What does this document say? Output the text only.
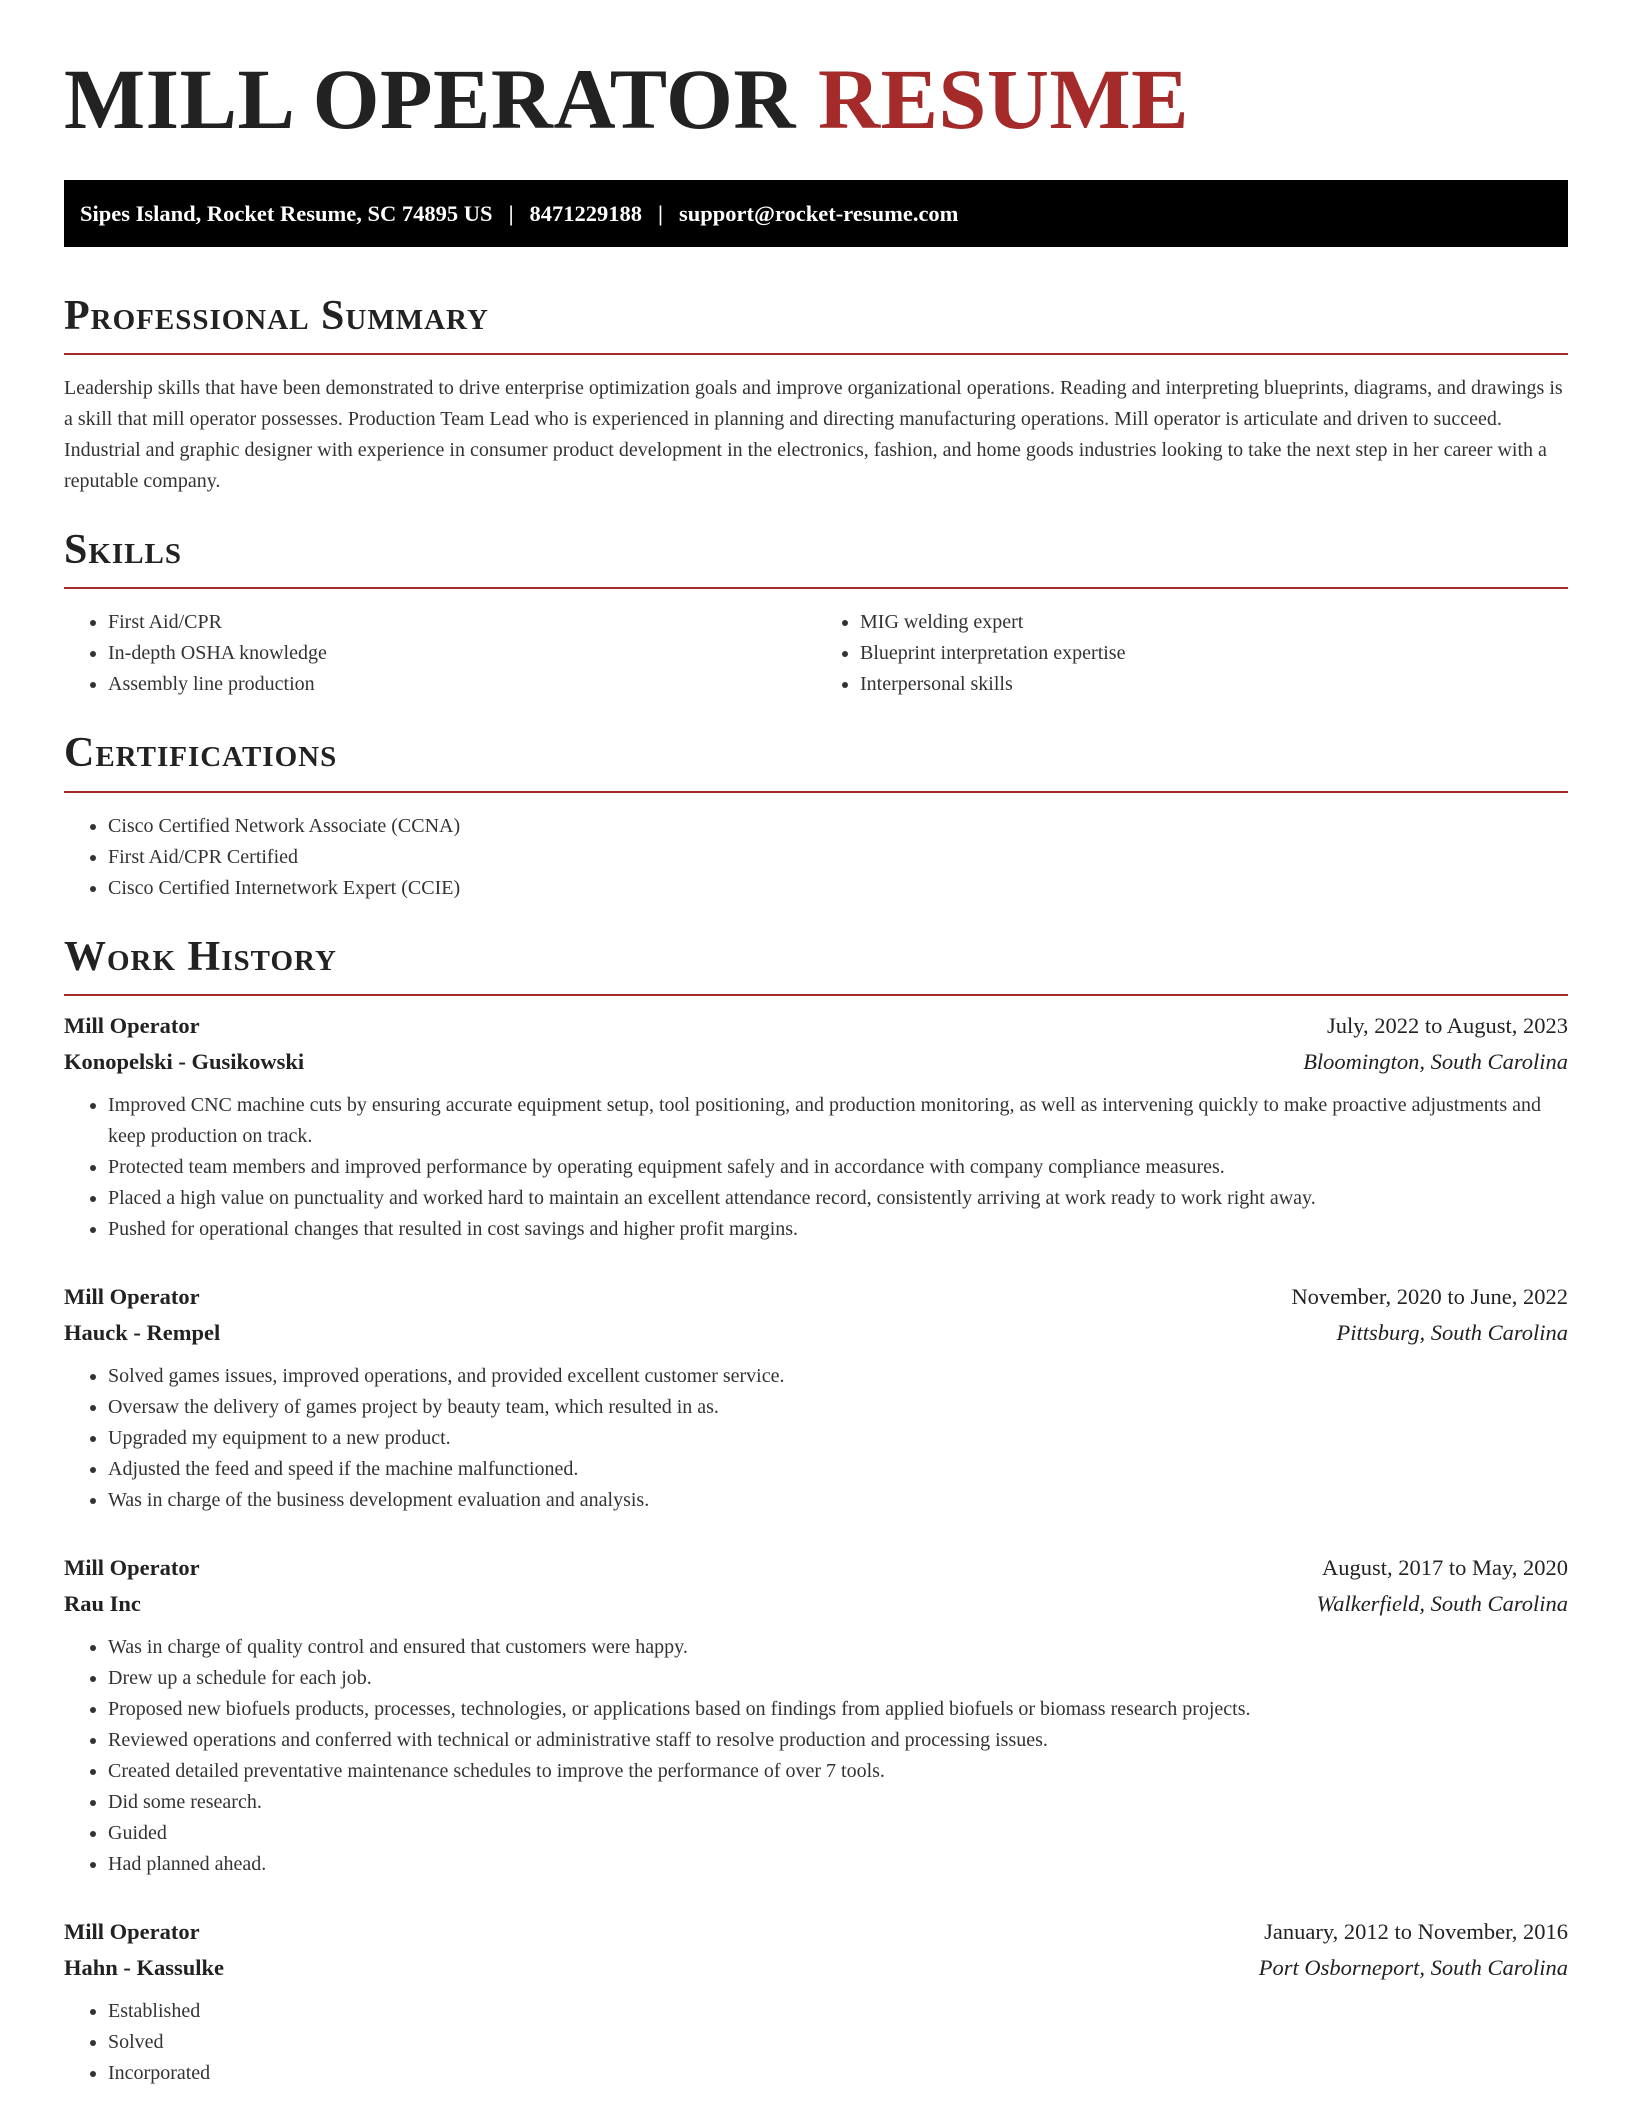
MILL OPERATOR RESUME
Sipes Island, Rocket Resume, SC 74895 US | 8471229188 | support@rocket-resume.com
Professional Summary

Leadership skills that have been demonstrated to drive enterprise optimization goals and improve organizational operations. Reading and interpreting blueprints, diagrams, and drawings is a skill that mill operator possesses. Production Team Lead who is experienced in planning and directing manufacturing operations. Mill operator is articulate and driven to succeed. Industrial and graphic designer with experience in consumer product development in the electronics, fashion, and home goods industries looking to take the next step in her career with a reputable company.

Skills
• First Aid/CPR
• In-depth OSHA knowledge
• Assembly line production
• MIG welding expert
• Blueprint interpretation expertise
• Interpersonal skills
Certifications
• Cisco Certified Network Associate (CCNA)
• First Aid/CPR Certified
• Cisco Certified Internetwork Expert (CCIE)
Work History
Mill Operator	July, 2022 to August, 2023
Konopelski - Gusikowski	Bloomington, South Carolina
• Improved CNC machine cuts by ensuring accurate equipment setup, tool positioning, and production monitoring, as well as intervening quickly to make proactive adjustments and keep production on track.
• Protected team members and improved performance by operating equipment safely and in accordance with company compliance measures.
• Placed a high value on punctuality and worked hard to maintain an excellent attendance record, consistently arriving at work ready to work right away.
• Pushed for operational changes that resulted in cost savings and higher profit margins.
Mill Operator	November, 2020 to June, 2022
Hauck - Rempel	Pittsburg, South Carolina
• Solved games issues, improved operations, and provided excellent customer service.
• Oversaw the delivery of games project by beauty team, which resulted in as.
• Upgraded my equipment to a new product.
• Adjusted the feed and speed if the machine malfunctioned.
• Was in charge of the business development evaluation and analysis.
Mill Operator	August, 2017 to May, 2020
Rau Inc	Walkerfield, South Carolina
• Was in charge of quality control and ensured that customers were happy.
• Drew up a schedule for each job.
• Proposed new biofuels products, processes, technologies, or applications based on findings from applied biofuels or biomass research projects.
• Reviewed operations and conferred with technical or administrative staff to resolve production and processing issues.
• Created detailed preventative maintenance schedules to improve the performance of over 7 tools.
• Did some research.
• Guided
• Had planned ahead.
Mill Operator	January, 2012 to November, 2016
Hahn - Kassulke	Port Osborneport, South Carolina
• Established
• Solved
• Incorporated
